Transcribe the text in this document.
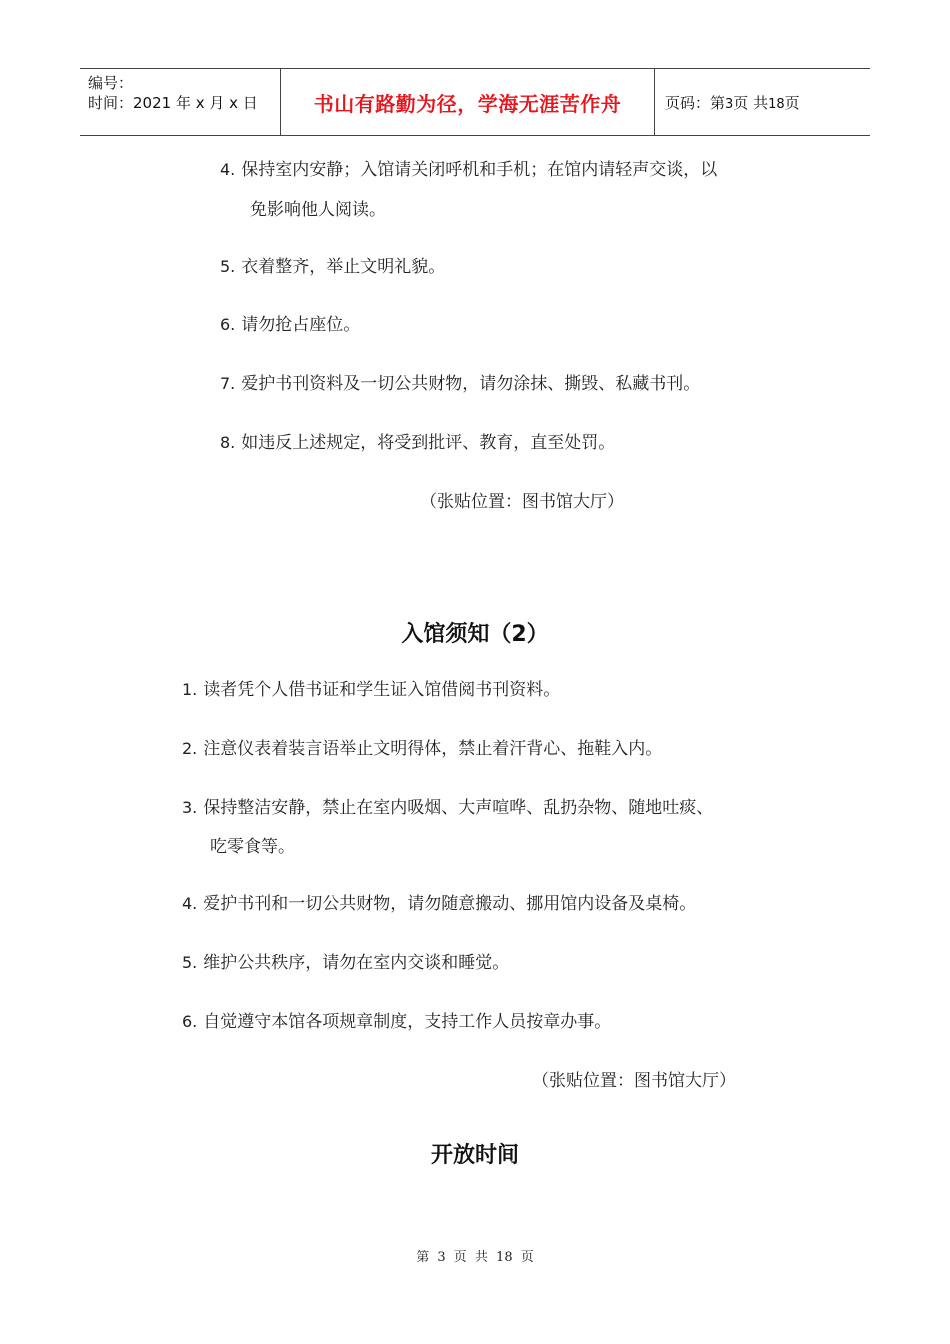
编号：
时间：2021 年 x 月 x 日	书山有路勤为径，学海无涯苦作舟	页码：第3页 共18页
4. 保持室内安静；入馆请关闭呼机和手机；在馆内请轻声交谈，以
免影响他人阅读。
5. 衣着整齐，举止文明礼貌。
6. 请勿抢占座位。
7. 爱护书刊资料及一切公共财物，请勿涂抹、撕毁、私藏书刊。
8. 如违反上述规定，将受到批评、教育，直至处罚。
（张贴位置：图书馆大厅）
入馆须知（2）
1. 读者凭个人借书证和学生证入馆借阅书刊资料。
2. 注意仪表着装言语举止文明得体，禁止着汗背心、拖鞋入内。
3. 保持整洁安静，禁止在室内吸烟、大声喧哗、乱扔杂物、随地吐痰、
吃零食等。
4. 爱护书刊和一切公共财物，请勿随意搬动、挪用馆内设备及桌椅。
5. 维护公共秩序，请勿在室内交谈和睡觉。
6. 自觉遵守本馆各项规章制度，支持工作人员按章办事。
（张贴位置：图书馆大厅）
开放时间
第 3 页 共 18 页
